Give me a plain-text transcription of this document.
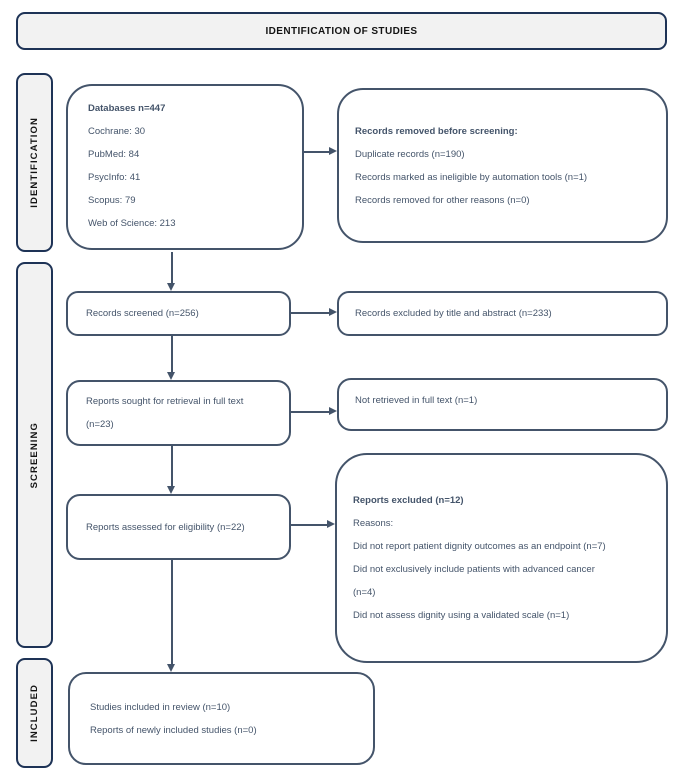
IDENTIFICATION OF STUDIES
IDENTIFICATION
SCREENING
INCLUDED
Databases n=447
Cochrane: 30
PubMed: 84
PsycInfo: 41
Scopus: 79
Web of Science: 213
Records removed before screening:
Duplicate records (n=190)
Records marked as ineligible by automation tools (n=1)
Records removed for other reasons (n=0)
Records screened (n=256)	Records excluded by title and abstract (n=233)
Reports sought for retrieval in full text
(n=23)
Not retrieved in full text (n=1)
Reports assessed for eligibility (n=22)
Reports excluded (n=12)
Reasons:
Did not report patient dignity outcomes as an endpoint (n=7)
Did not exclusively include patients with advanced cancer
(n=4)
Did not assess dignity using a validated scale (n=1)
Studies included in review (n=10)
Reports of newly included studies (n=0)
